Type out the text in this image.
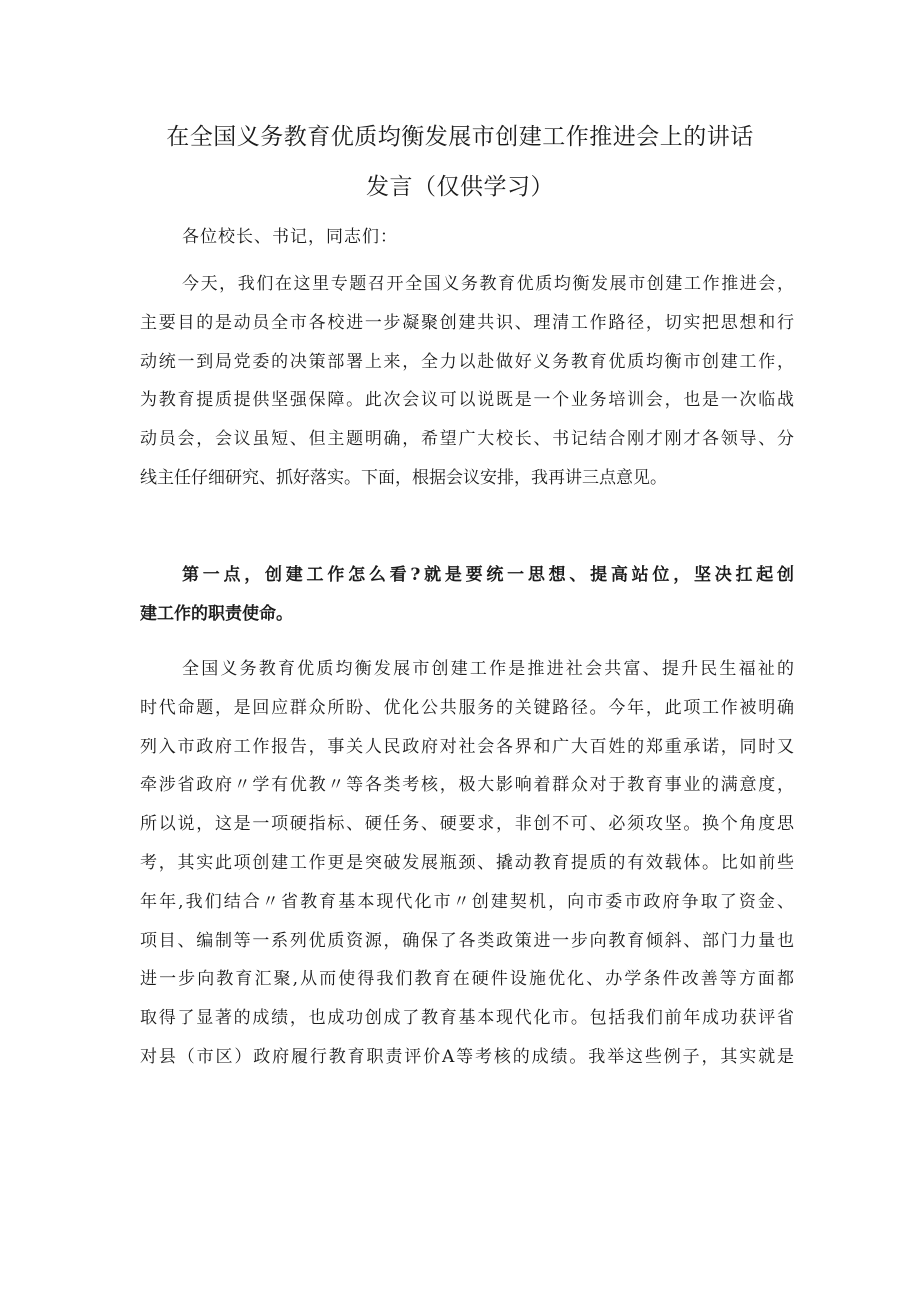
在全国义务教育优质均衡发展市创建工作推进会上的讲话
发言（仅供学习）
各位校长、书记，同志们：
今天，我们在这里专题召开全国义务教育优质均衡发展市创建工作推进会，
主要目的是动员全市各校进一步凝聚创建共识、理清工作路径，切实把思想和行
动统一到局党委的决策部署上来，全力以赴做好义务教育优质均衡市创建工作，
为教育提质提供坚强保障。此次会议可以说既是一个业务培训会，也是一次临战
动员会，会议虽短、但主题明确，希望广大校长、书记结合刚才刚才各领导、分
线主任仔细研究、抓好落实。下面，根据会议安排，我再讲三点意见。
第一点，创建工作怎么看?就是要统一思想、提高站位，坚决扛起创
建工作的职责使命。
全国义务教育优质均衡发展市创建工作是推进社会共富、提升民生福祉的
时代命题，是回应群众所盼、优化公共服务的关键路径。今年，此项工作被明确
列入市政府工作报告，事关人民政府对社会各界和广大百姓的郑重承诺，同时又
牵涉省政府〃学有优教〃等各类考核，极大影响着群众对于教育事业的满意度，
所以说，这是一项硬指标、硬任务、硬要求，非创不可、必须攻坚。换个角度思
考，其实此项创建工作更是突破发展瓶颈、撬动教育提质的有效载体。比如前些
年年,我们结合〃省教育基本现代化市〃创建契机，向市委市政府争取了资金、
项目、编制等一系列优质资源，确保了各类政策进一步向教育倾斜、部门力量也
进一步向教育汇聚,从而使得我们教育在硬件设施优化、办学条件改善等方面都
取得了显著的成绩，也成功创成了教育基本现代化市。包括我们前年成功获评省
对县（市区）政府履行教育职责评价A等考核的成绩。我举这些例子，其实就是
